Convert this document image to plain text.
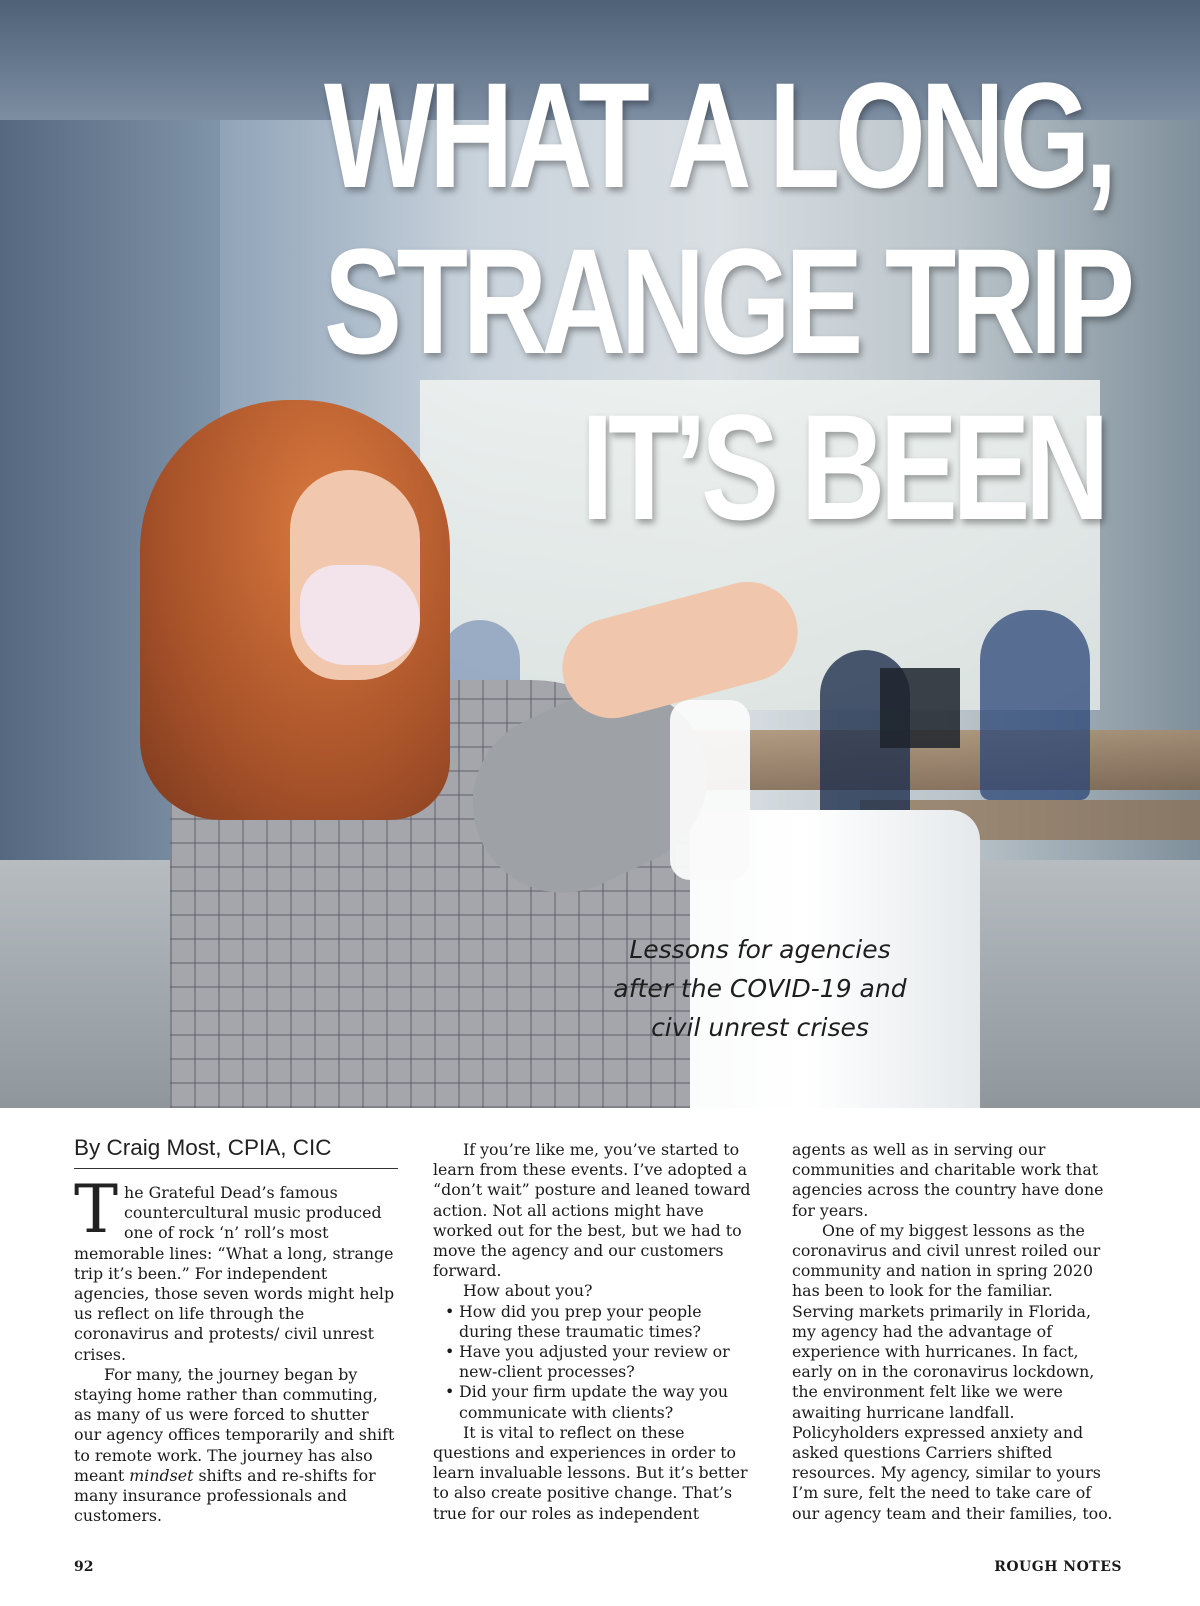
WHAT A LONG,
STRANGE TRIP
IT’S BEEN
Lessons for agencies
after the COVID-19 and
civil unrest crises
By Craig Most, CPIA, CIC

The Grateful Dead’s famous countercultural music produced one of rock ‘n’ roll’s most memorable lines: “What a long, strange trip it’s been.” For independent agencies, those seven words might help us reflect on life through the coronavirus and protests/ civil unrest crises.

For many, the journey began by staying home rather than commuting, as many of us were forced to shutter our agency offices temporarily and shift to remote work. The journey has also meant mindset shifts and re-shifts for many insurance professionals and customers.

If you’re like me, you’ve started to learn from these events. I’ve adopted a “don’t wait” posture and leaned toward action. Not all actions might have worked out for the best, but we had to move the agency and our customers forward.

How about you?

• How did you prep your people during these traumatic times?
• Have you adjusted your review or new-client processes?
• Did your firm update the way you communicate with clients?

It is vital to reflect on these questions and experiences in order to learn invaluable lessons. But it’s better to also create positive change. That’s true for our roles as independent

agents as well as in serving our communities and charitable work that agencies across the country have done for years.

One of my biggest lessons as the coronavirus and civil unrest roiled our community and nation in spring 2020 has been to look for the familiar. Serving markets primarily in Florida, my agency had the advantage of experience with hurricanes. In fact, early on in the coronavirus lockdown, the environment felt like we were awaiting hurricane landfall. Policyholders expressed anxiety and asked questions Carriers shifted resources. My agency, similar to yours I’m sure, felt the need to take care of our agency team and their families, too.

92	ROUGH NOTES
